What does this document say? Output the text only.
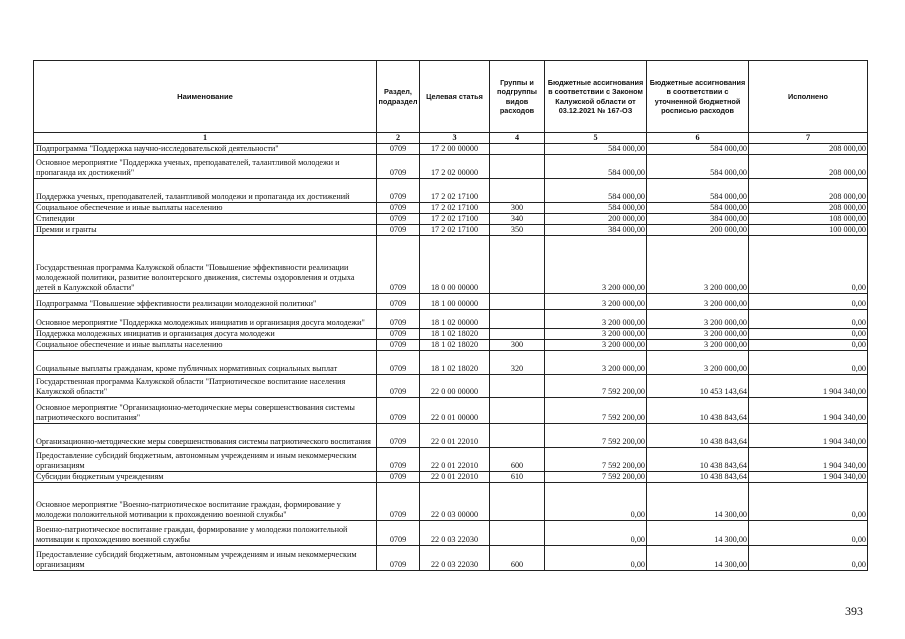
Наименование	Раздел, подраздел	Целевая статья	Группы и подгруппы видов расходов	Бюджетные ассигнования в соответствии с Законом Калужской области от 03.12.2021 № 167-ОЗ	Бюджетные ассигнования в соответствии с уточненной бюджетной росписью расходов	Исполнено
1	2	3	4	5	6	7
Подпрограмма "Поддержка научно-исследовательской деятельности"	0709	17 2 00 00000		584 000,00	584 000,00	208 000,00
Основное мероприятие "Поддержка ученых, преподавателей, талантливой молодежи и пропаганда их достижений"	0709	17 2 02 00000		584 000,00	584 000,00	208 000,00
Поддержка ученых, преподавателей, талантливой молодежи и пропаганда их достижений	0709	17 2 02 17100		584 000,00	584 000,00	208 000,00
Социальное обеспечение и иные выплаты населению	0709	17 2 02 17100	300	584 000,00	584 000,00	208 000,00
Стипендии	0709	17 2 02 17100	340	200 000,00	384 000,00	108 000,00
Премии и гранты	0709	17 2 02 17100	350	384 000,00	200 000,00	100 000,00
Государственная программа Калужской области "Повышение эффективности реализации молодежной политики, развитие волонтерского движения, системы оздоровления и отдыха детей в Калужской области"	0709	18 0 00 00000		3 200 000,00	3 200 000,00	0,00
Подпрограмма "Повышение эффективности реализации молодежной политики"	0709	18 1 00 00000		3 200 000,00	3 200 000,00	0,00
Основное мероприятие "Поддержка молодежных инициатив и организация досуга молодежи"	0709	18 1 02 00000		3 200 000,00	3 200 000,00	0,00
Поддержка молодежных инициатив и организация досуга молодежи	0709	18 1 02 18020		3 200 000,00	3 200 000,00	0,00
Социальное обеспечение и иные выплаты населению	0709	18 1 02 18020	300	3 200 000,00	3 200 000,00	0,00
Социальные выплаты гражданам, кроме публичных нормативных социальных выплат	0709	18 1 02 18020	320	3 200 000,00	3 200 000,00	0,00
Государственная программа Калужской области "Патриотическое воспитание населения Калужской области"	0709	22 0 00 00000		7 592 200,00	10 453 143,64	1 904 340,00
Основное мероприятие "Организационно-методические меры совершенствования системы патриотического воспитания"	0709	22 0 01 00000		7 592 200,00	10 438 843,64	1 904 340,00
Организационно-методические меры совершенствования системы патриотического воспитания	0709	22 0 01 22010		7 592 200,00	10 438 843,64	1 904 340,00
Предоставление субсидий бюджетным, автономным учреждениям и иным некоммерческим организациям	0709	22 0 01 22010	600	7 592 200,00	10 438 843,64	1 904 340,00
Субсидии бюджетным учреждениям	0709	22 0 01 22010	610	7 592 200,00	10 438 843,64	1 904 340,00
Основное мероприятие "Военно-патриотическое воспитание граждан, формирование у молодежи положительной мотивации к прохождению военной службы"	0709	22 0 03 00000		0,00	14 300,00	0,00
Военно-патриотическое воспитание граждан, формирование у молодежи положительной мотивации к прохождению военной службы	0709	22 0 03 22030		0,00	14 300,00	0,00
Предоставление субсидий бюджетным, автономным учреждениям и иным некоммерческим организациям	0709	22 0 03 22030	600	0,00	14 300,00	0,00
393
